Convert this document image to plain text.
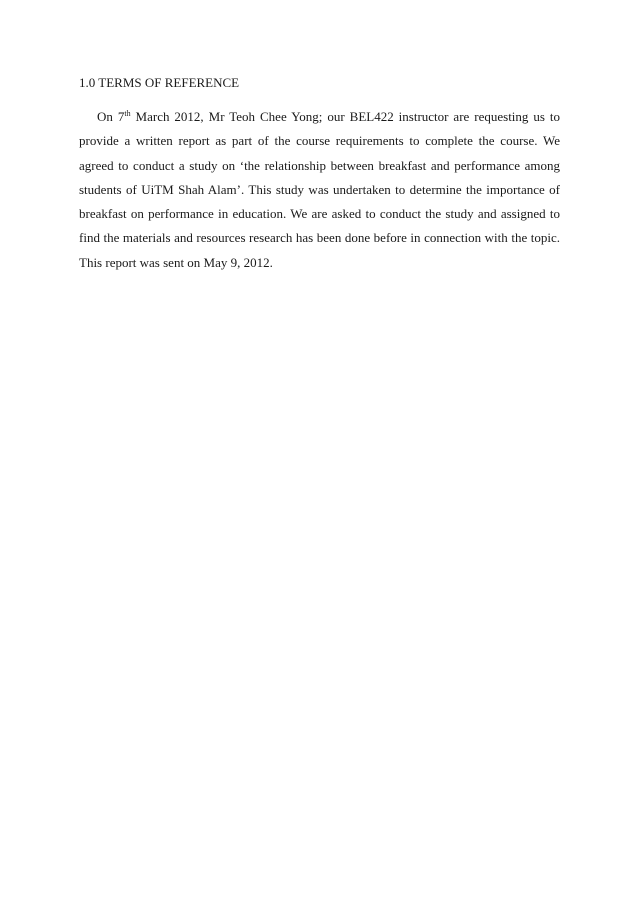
1.0 TERMS OF REFERENCE

On 7th March 2012, Mr Teoh Chee Yong; our BEL422 instructor are requesting us to provide a written report as part of the course requirements to complete the course. We agreed to conduct a study on ‘the relationship between breakfast and performance among students of UiTM Shah Alam’. This study was undertaken to determine the importance of breakfast on performance in education. We are asked to conduct the study and assigned to find the materials and resources research has been done before in connection with the topic. This report was sent on May 9, 2012.
